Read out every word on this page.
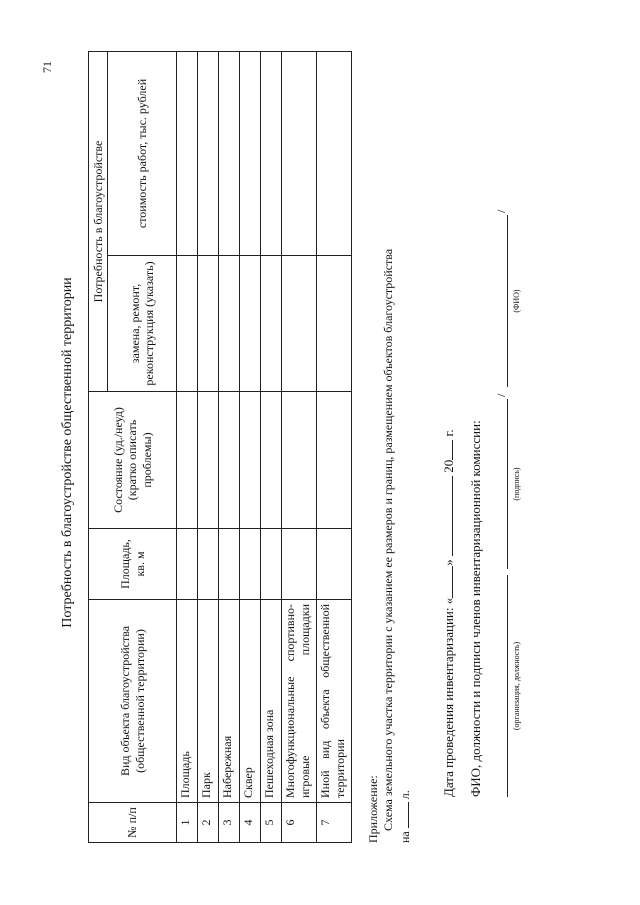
71
Потребность в благоустройстве общественной территории
№ п/п	Вид объекта благоустройства (общественной территории)	Площадь, кв. м	Состояние (уд./неуд) (кратко описать проблемы)	Потребность в благоустройстве	
				замена, ремонт, реконструкция (указать)	стоимость работ, тыс. рублей
1	Площадь				
2	Парк				
3	Набережная				
4	Сквер				
5	Пешеходная зона				
6	Многофункциональные спортивно-игровые площадки				
7	Иной вид объекта общественной территории				
Приложение: Схема земельного участка территории с указанием ее размеров и границ, размещением объектов благоустройства
на  л. Дата проведения инвентаризации: «»  20 г. ФИО, должности и подписи членов инвентаризационной комиссии:	(организация, должность)
(подпись)
/
(ФИО)
/
